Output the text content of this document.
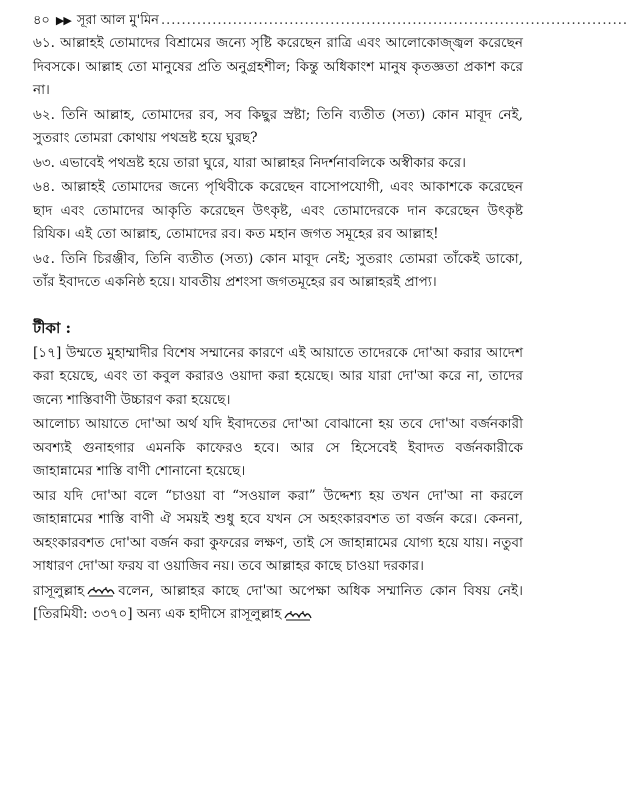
৪০ ▶▶ সূরা আল মু'মিন ...........................................................................................

৬১. আল্লাহই তোমাদের বিশ্রামের জন্যে সৃষ্টি করেছেন রাত্রি এবং আলোকোজ্জ্বল করেছেন দিবসকে। আল্লাহ তো মানুষের প্রতি অনুগ্রহশীল; কিন্তু অধিকাংশ মানুষ কৃতজ্ঞতা প্রকাশ করে না।

৬২. তিনি আল্লাহ, তোমাদের রব, সব কিছুর স্রষ্টা; তিনি ব্যতীত (সত্য) কোন মাবূদ নেই, সুতরাং তোমরা কোথায় পথভ্রষ্ট হয়ে ঘুরছ?

৬৩. এভাবেই পথভ্রষ্ট হয়ে তারা ঘুরে, যারা আল্লাহর নিদর্শনাবলিকে অস্বীকার করে।

৬৪. আল্লাহই তোমাদের জন্যে পৃথিবীকে করেছেন বাসোপযোগী, এবং আকাশকে করেছেন ছাদ এবং তোমাদের আকৃতি করেছেন উৎকৃষ্ট, এবং তোমাদেরকে দান করেছেন উৎকৃষ্ট রিযিক। এই তো আল্লাহ, তোমাদের রব। কত মহান জগত সমূহের রব আল্লাহ!

৬৫. তিনি চিরঞ্জীব, তিনি ব্যতীত (সত্য) কোন মাবূদ নেই; সুতরাং তোমরা তাঁকেই ডাকো, তাঁর ইবাদতে একনিষ্ঠ হয়ে। যাবতীয় প্রশংসা জগতমূহের রব আল্লাহরই প্রাপ্য।

টীকা :

[১৭] উম্মতে মুহাম্মাদীর বিশেষ সম্মানের কারণে এই আয়াতে তাদেরকে দো'আ করার আদেশ করা হয়েছে, এবং তা কবুল করারও ওয়াদা করা হয়েছে। আর যারা দো'আ করে না, তাদের জন্যে শাস্তিবাণী উচ্চারণ করা হয়েছে।

আলোচ্য আয়াতে দো'আ অর্থ যদি ইবাদতের দো'আ বোঝানো হয় তবে দো'আ বর্জনকারী অবশ্যই গুনাহগার এমনকি কাফেরও হবে। আর সে হিসেবেই ইবাদত বর্জনকারীকে জাহান্নামের শাস্তি বাণী শোনানো হয়েছে।

আর যদি দো'আ বলে “চাওয়া বা “সওয়াল করা” উদ্দেশ্য হয় তখন দো'আ না করলে জাহান্নামের শাস্তি বাণী ঐ সময়ই শুধু হবে যখন সে অহংকারবশত তা বর্জন করে। কেননা, অহংকারবশত দো'আ বর্জন করা কুফরের লক্ষণ, তাই সে জাহান্নামের যোগ্য হয়ে যায়। নতুবা সাধারণ দো'আ ফরয বা ওয়াজিব নয়। তবে আল্লাহর কাছে চাওয়া দরকার।

রাসূলুল্লাহ	বলেন, আল্লাহর কাছে দো'আ অপেক্ষা অধিক সম্মানিত কোন বিষয় নেই। [তিরমিযী: ৩৩৭০] অন্য এক হাদীসে রাসূলুল্লাহ
